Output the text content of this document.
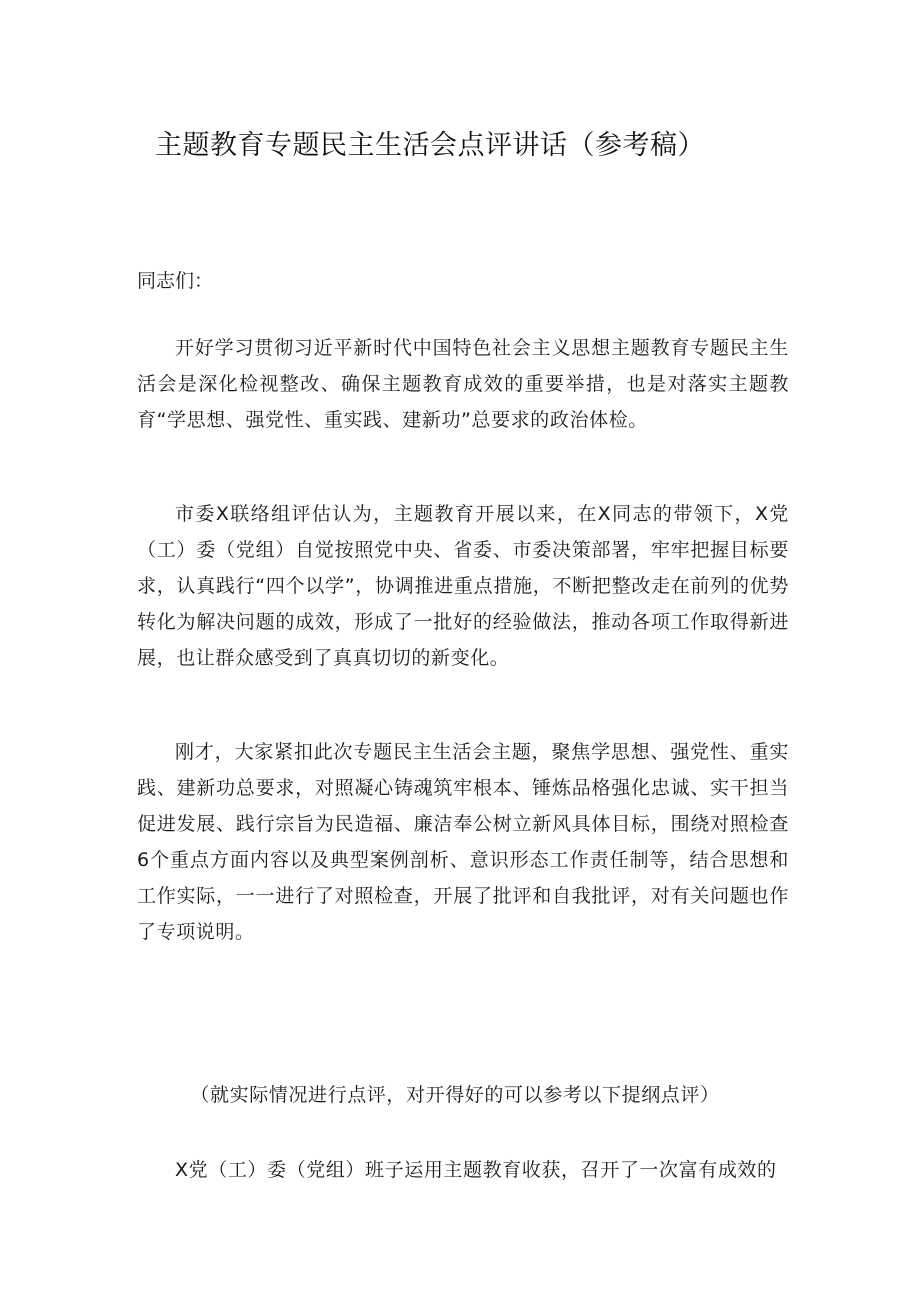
主题教育专题民主生活会点评讲话（参考稿）

同志们：

开好学习贯彻习近平新时代中国特色社会主义思想主题教育专题民主生活会是深化检视整改、确保主题教育成效的重要举措，也是对落实主题教育“学思想、强党性、重实践、建新功”总要求的政治体检。

市委X联络组评估认为，主题教育开展以来，在X同志的带领下，X党（工）委（党组）自觉按照党中央、省委、市委决策部署，牢牢把握目标要求，认真践行“四个以学”，协调推进重点措施，不断把整改走在前列的优势转化为解决问题的成效，形成了一批好的经验做法，推动各项工作取得新进展，也让群众感受到了真真切切的新变化。

刚才，大家紧扣此次专题民主生活会主题，聚焦学思想、强党性、重实践、建新功总要求，对照凝心铸魂筑牢根本、锤炼品格强化忠诚、实干担当促进发展、践行宗旨为民造福、廉洁奉公树立新风具体目标，围绕对照检查6个重点方面内容以及典型案例剖析、意识形态工作责任制等，结合思想和工作实际，一一进行了对照检查，开展了批评和自我批评，对有关问题也作了专项说明。

（就实际情况进行点评，对开得好的可以参考以下提纲点评）

X党（工）委（党组）班子运用主题教育收获，召开了一次富有成效的
